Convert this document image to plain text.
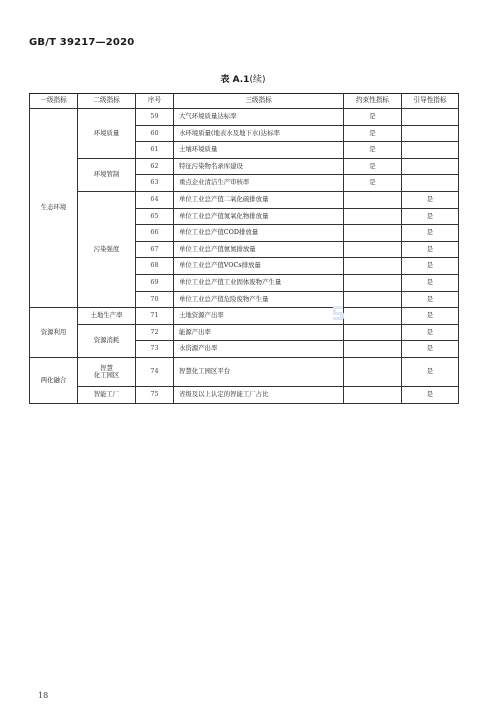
GB/T 39217—2020
表 A.1(续)
一级指标	二级指标	序号	三级指标	约束性指标	引导性指标
生态环境	环境质量	59	大气环境质量达标率	是	
		60	水环境质量(地表水及地下水)达标率	是	
		61	土壤环境质量	是	
	环境管制	62	特征污染物名录库建设	是	
		63	重点企业清洁生产审核率	是	
	污染强度	64	单位工业总产值二氧化硫排放量		是
		65	单位工业总产值氮氧化物排放量		是
		66	单位工业总产值COD排放量		是
		67	单位工业总产值氨氮排放量		是
		68	单位工业总产值VOCs排放量		是
		69	单位工业总产值工业固体废物产生量		是
		70	单位工业总产值危险废物产生量		是
资源利用	土地生产率	71	土地资源产出率		是
	资源消耗	72	能源产出率		是
		73	水资源产出率		是
两化融合	智慧
化工园区	74	智慧化工园区平台		是
	智能工厂	75	省级及以上认定的智能工厂占比		是
18
